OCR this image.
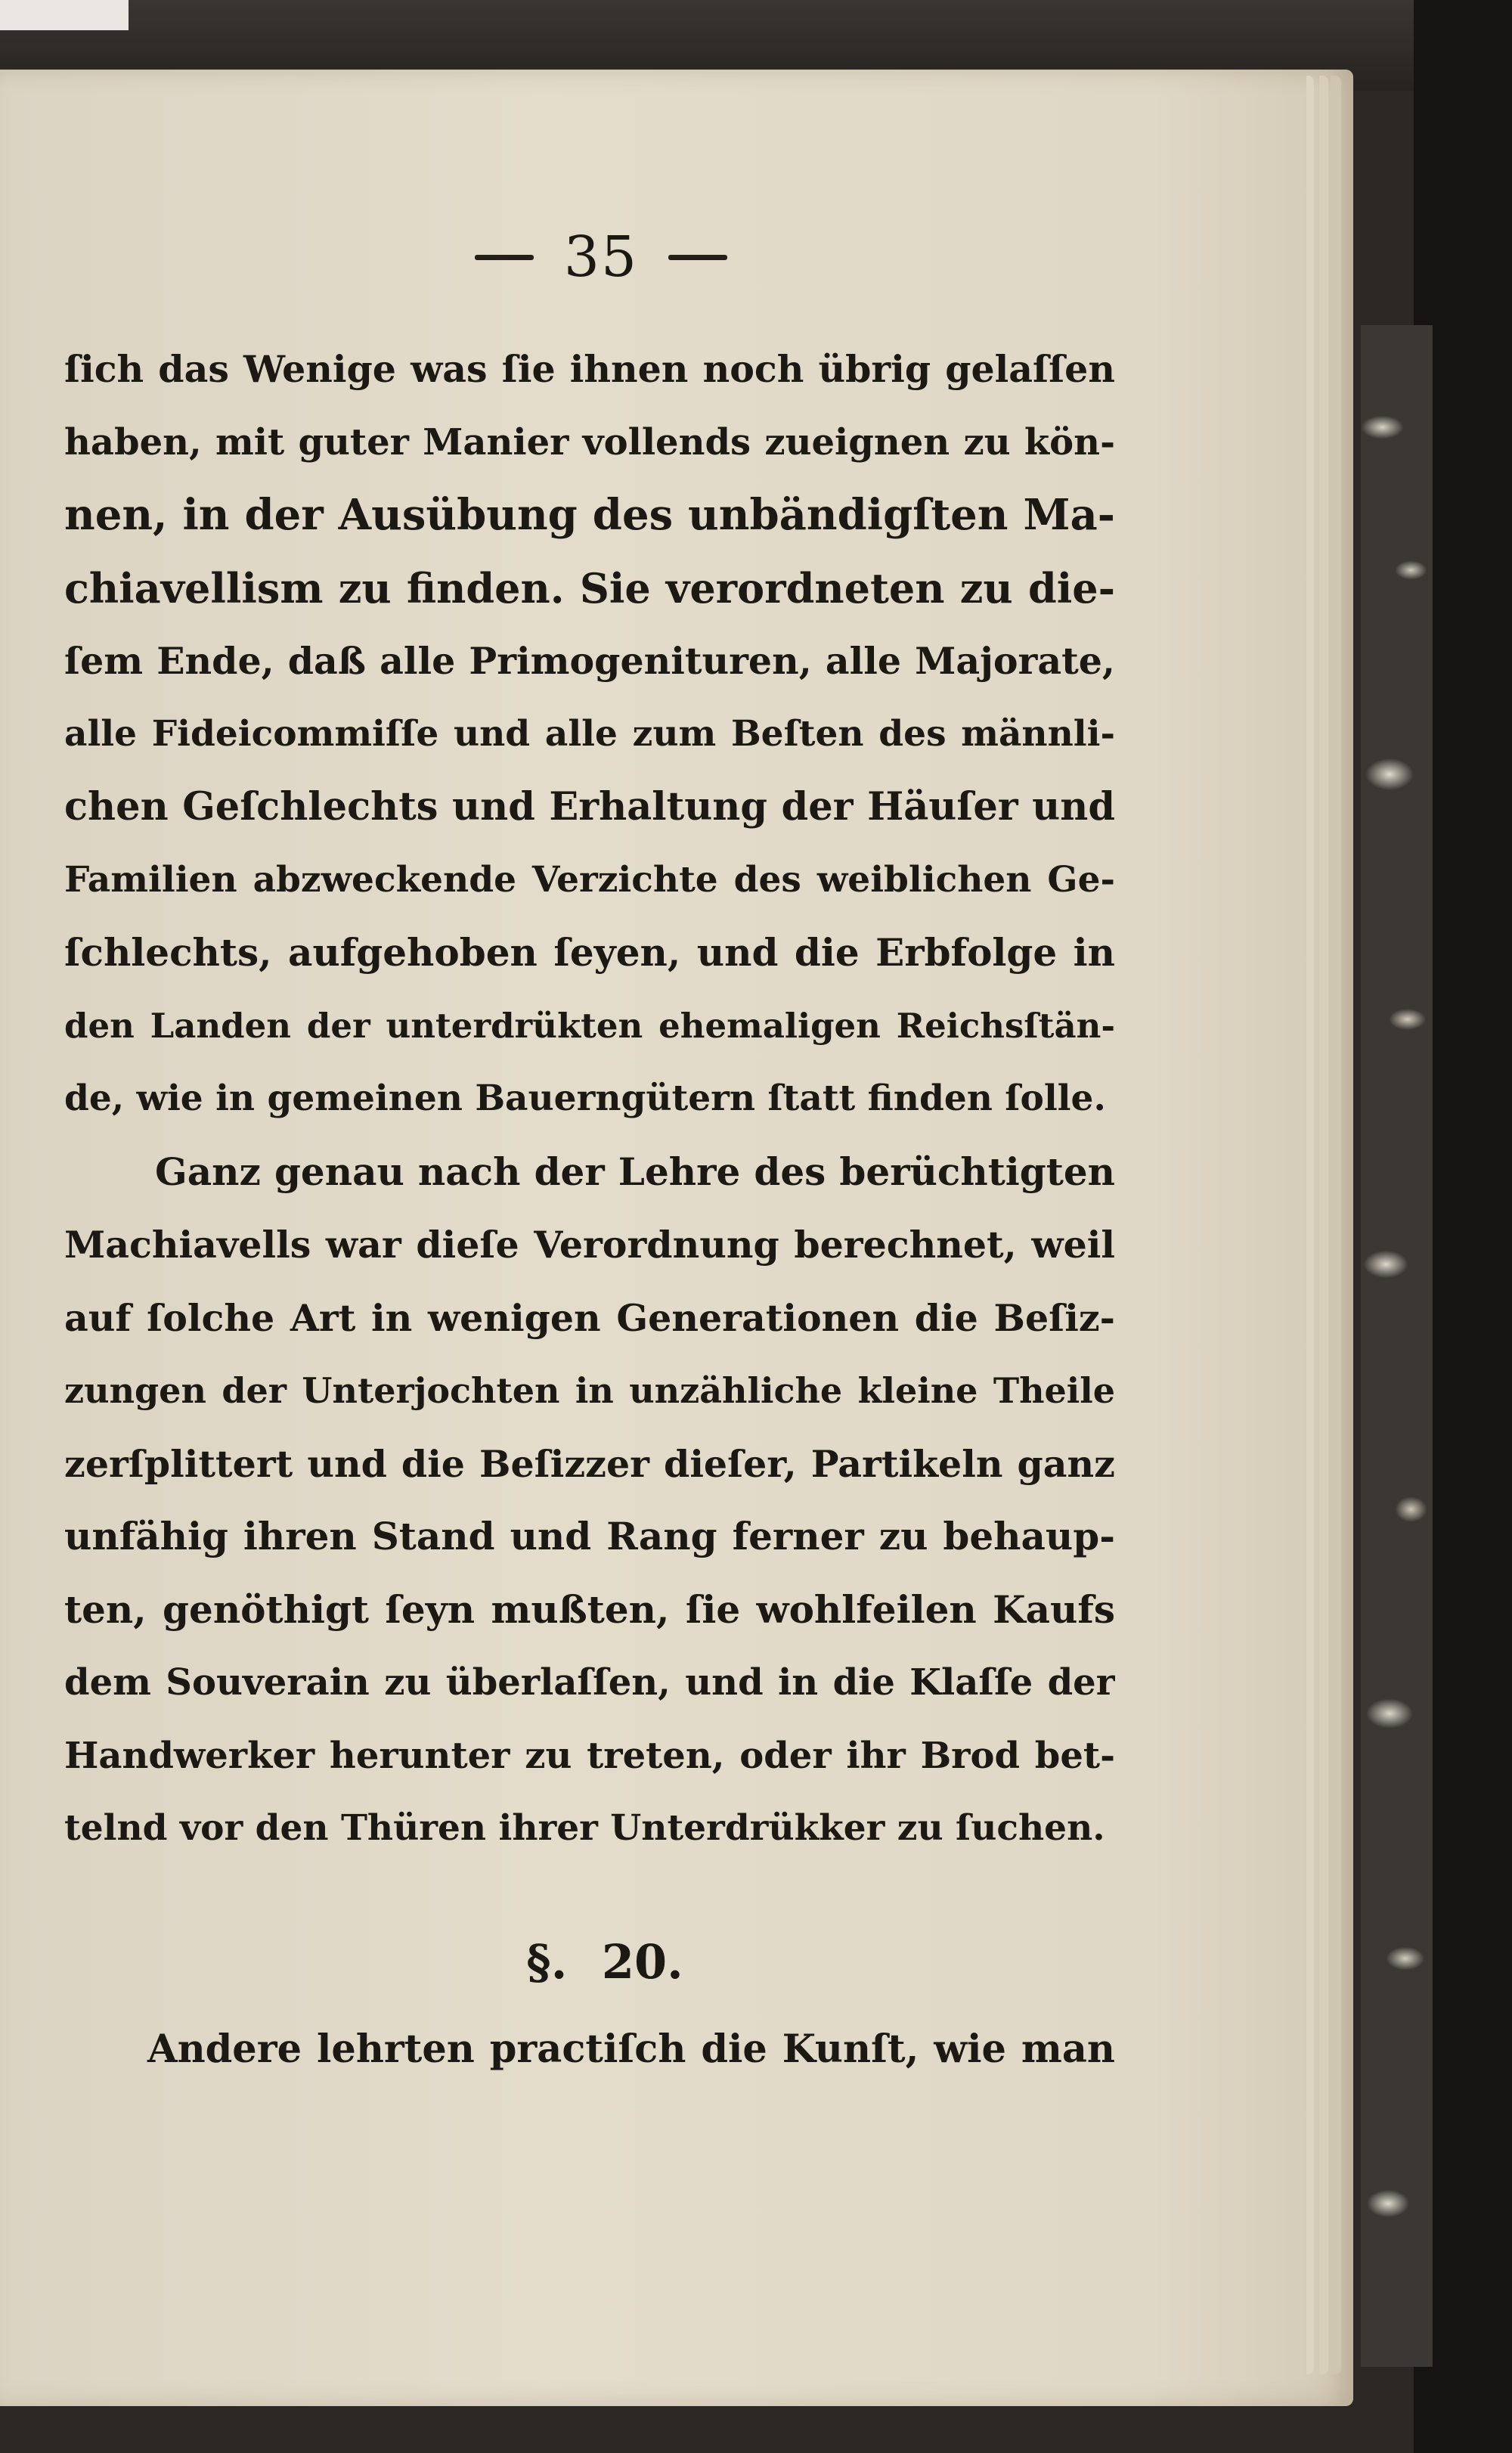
35
ſich das Wenige was ſie ihnen noch übrig gelaſſen
haben, mit guter Manier vollends zueignen zu kön-
nen, in der Ausübung des unbändigſten Ma-
chiavellism zu finden. Sie verordneten zu die-
ſem Ende, daß alle Primogenituren, alle Majorate,
alle Fideicommiſſe und alle zum Beſten des männli-
chen Geſchlechts und Erhaltung der Häuſer und
Familien abzweckende Verzichte des weiblichen Ge-
ſchlechts, aufgehoben ſeyen, und die Erbfolge in
den Landen der unterdrükten ehemaligen Reichsſtän-
de, wie in gemeinen Bauerngütern ſtatt finden ſolle.
Ganz genau nach der Lehre des berüchtigten
Machiavells war dieſe Verordnung berechnet, weil
auf ſolche Art in wenigen Generationen die Beſiz-
zungen der Unterjochten in unzähliche kleine Theile
zerſplittert und die Beſizzer dieſer, Partikeln ganz
unfähig ihren Stand und Rang ferner zu behaup-
ten, genöthigt ſeyn mußten, ſie wohlfeilen Kaufs
dem Souverain zu überlaſſen, und in die Klaſſe der
Handwerker herunter zu treten, oder ihr Brod bet-
telnd vor den Thüren ihrer Unterdrükker zu ſuchen.
§. 20.
Andere lehrten practiſch die Kunſt, wie man
